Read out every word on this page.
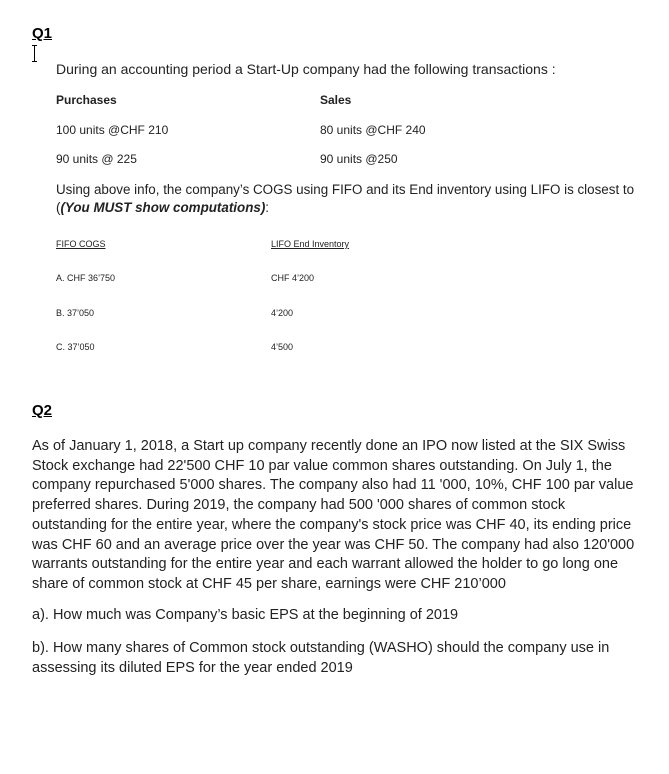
Q1
During an accounting period a Start-Up company had the following transactions :
Purchases	Sales
100 units @CHF 210	80 units @CHF 240
90 units @ 225	90 units @250
Using above info, the company’s COGS using FIFO and its End inventory using LIFO is closest to
((You MUST show computations):
FIFO COGS	LIFO End Inventory
A. CHF 36’750	CHF 4’200
B. 37’050	4’200
C. 37’050	4’500
Q2
As of January 1, 2018, a Start up company recently done an IPO now listed at the SIX Swiss Stock exchange had 22'500 CHF 10 par value common shares outstanding. On July 1, the company repurchased 5'000 shares. The company also had 11 '000, 10%, CHF 100 par value preferred shares. During 2019, the company had 500 '000 shares of common stock outstanding for the entire year, where the company's stock price was CHF 40, its ending price was CHF 60 and an average price over the year was CHF 50. The company had also 120'000 warrants outstanding for the entire year and each warrant allowed the holder to go long one share of common stock at CHF 45 per share, earnings were CHF 210’000
a). How much was Company’s basic EPS at the beginning of 2019
b). How many shares of Common stock outstanding (WASHO) should the company use in assessing its diluted EPS for the year ended 2019
